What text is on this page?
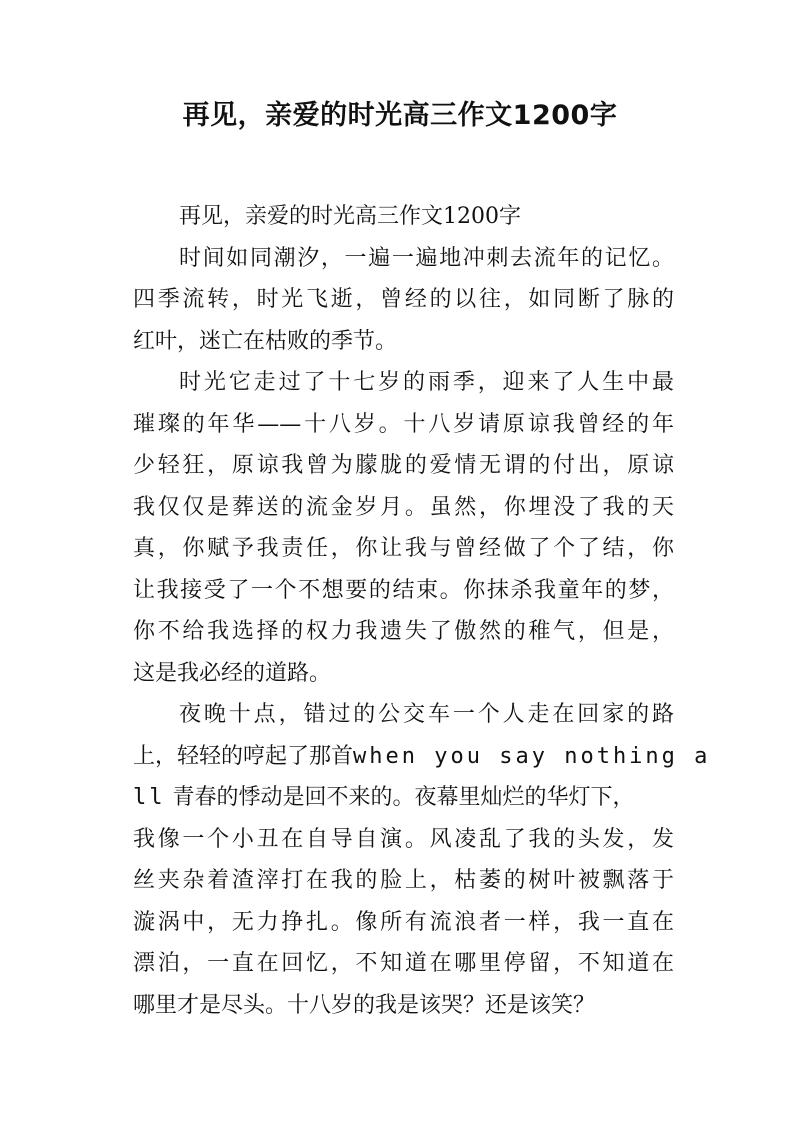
再见，亲爱的时光高三作文1200字
再见，亲爱的时光高三作文1200字
时间如同潮汐，一遍一遍地冲刺去流年的记忆。
四季流转，时光飞逝，曾经的以往，如同断了脉的
红叶，迷亡在枯败的季节。
时光它走过了十七岁的雨季，迎来了人生中最
璀璨的年华——十八岁。十八岁请原谅我曾经的年
少轻狂，原谅我曾为朦胧的爱情无谓的付出，原谅
我仅仅是葬送的流金岁月。虽然，你埋没了我的天
真，你赋予我责任，你让我与曾经做了个了结，你
让我接受了一个不想要的结束。你抹杀我童年的梦，
你不给我选择的权力我遗失了傲然的稚气，但是，
这是我必经的道路。
夜晚十点，错过的公交车一个人走在回家的路
上，轻轻的哼起了那首when you say nothing a
ll 青春的悸动是回不来的。夜幕里灿烂的华灯下，
我像一个小丑在自导自演。风凌乱了我的头发，发
丝夹杂着渣滓打在我的脸上，枯萎的树叶被飘落于
漩涡中，无力挣扎。像所有流浪者一样，我一直在
漂泊，一直在回忆，不知道在哪里停留，不知道在
哪里才是尽头。十八岁的我是该哭？还是该笑？
